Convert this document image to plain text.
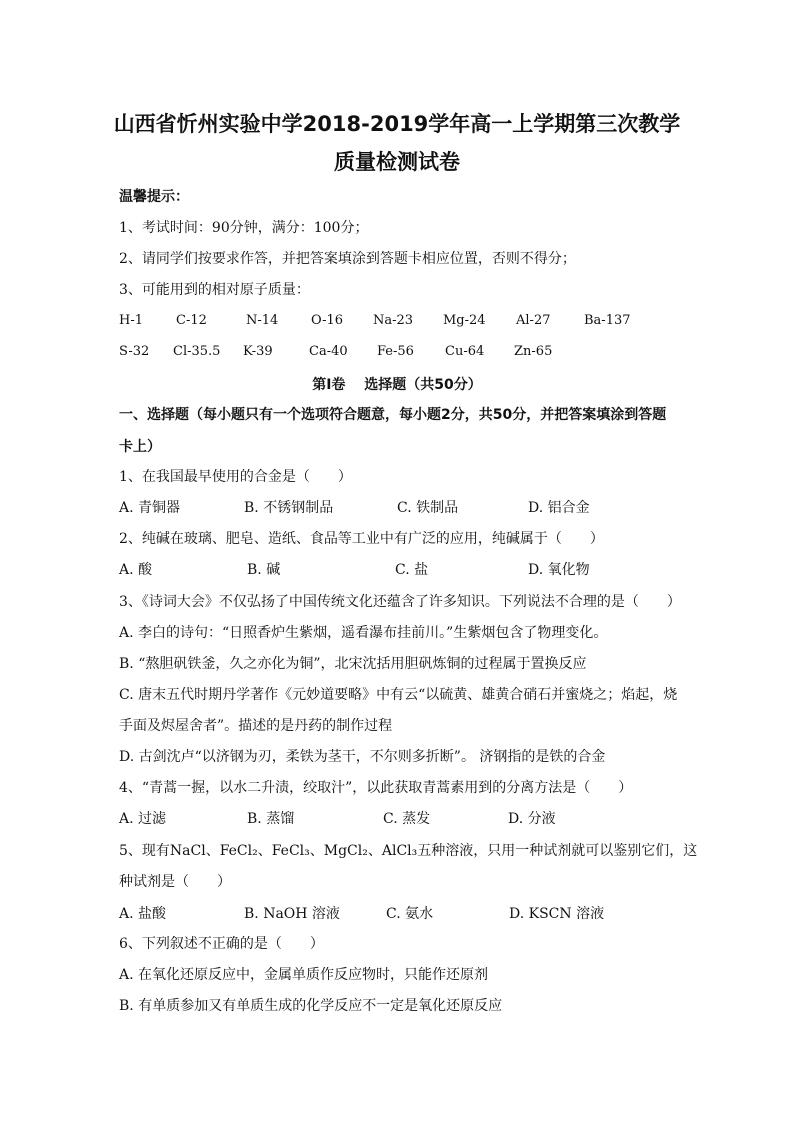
山西省忻州实验中学2018-2019学年高一上学期第三次教学
质量检测试卷
温馨提示：
1、考试时间：90分钟，满分：100分；
2、请同学们按要求作答，并把答案填涂到答题卡相应位置，否则不得分；
3、可能用到的相对原子质量：
H-1	C-12	N-14	O-16 Na-23 Mg-24 Al-27	Ba-137
S-32 Cl-35.5 K-39	Ca-40 Fe-56 Cu-64 Zn-65
第Ⅰ卷　 选择题（共50分）
一、选择题（每小题只有一个选项符合题意，每小题2分，共50分，并把答案填涂到答题
卡上）
1、在我国最早使用的合金是（　　）
A. 青铜器	B. 不锈钢制品	C. 铁制品	D. 铝合金
2、纯碱在玻璃、肥皂、造纸、食品等工业中有广泛的应用，纯碱属于（　　）
A. 酸	B. 碱	C. 盐	D. 氧化物
3、《诗词大会》不仅弘扬了中国传统文化还蕴含了许多知识。下列说法不合理的是（　　）
A. 李白的诗句：“日照香炉生紫烟，遥看瀑布挂前川。”生紫烟包含了物理变化。
B. “熬胆矾铁釜，久之亦化为铜”，北宋沈括用胆矾炼铜的过程属于置换反应
C. 唐末五代时期丹学著作《元妙道要略》中有云“以硫黄、雄黄合硝石并蜜烧之；焰起，烧
手面及烬屋舍者”。描述的是丹药的制作过程
D. 古剑沈卢“以济钢为刃，柔铁为茎干，不尔则多折断”。 济钢指的是铁的合金
4、“青蒿一握，以水二升渍，绞取汁”，以此获取青蒿素用到的分离方法是（　　）
A. 过滤	B. 蒸馏	C. 蒸发	D. 分液
5、现有NaCl、FeCl₂、FeCl₃、MgCl₂、AlCl₃五种溶液，只用一种试剂就可以鉴别它们，这
种试剂是（　　）
A. 盐酸	B. NaOH 溶液	C. 氨水	D. KSCN 溶液
6、下列叙述不正确的是（　　）
A. 在氧化还原反应中，金属单质作反应物时，只能作还原剂
B. 有单质参加又有单质生成的化学反应不一定是氧化还原反应
